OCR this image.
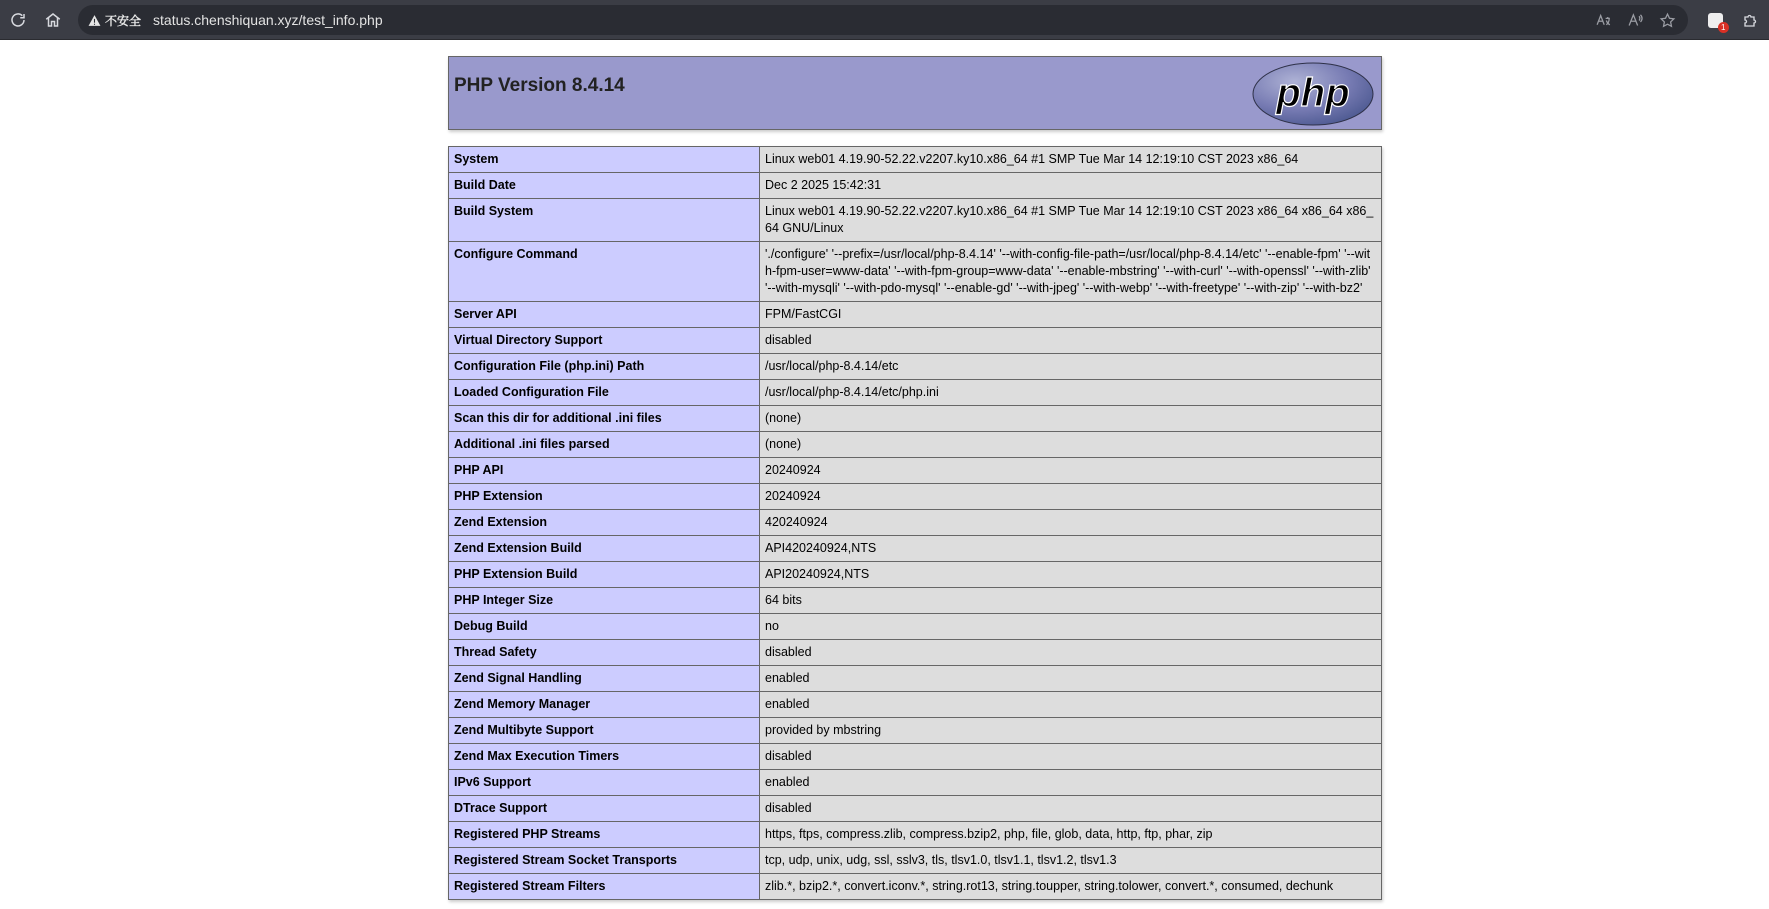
不安全 status.chenshiquan.xyz/test_info.php	1
PHP Version 8.4.14	php
System	Linux web01 4.19.90-52.22.v2207.ky10.x86_64 #1 SMP Tue Mar 14 12:19:10 CST 2023 x86_64
Build Date	Dec 2 2025 15:42:31
Build System	Linux web01 4.19.90-52.22.v2207.ky10.x86_64 #1 SMP Tue Mar 14 12:19:10 CST 2023 x86_64 x86_64 x86_64 GNU/Linux
Configure Command	'./configure' '--prefix=/usr/local/php-8.4.14' '--with-config-file-path=/usr/local/php-8.4.14/etc' '--enable-fpm' '--with-fpm-user=www-data' '--with-fpm-group=www-data' '--enable-mbstring' '--with-curl' '--with-openssl' '--with-zlib' '--with-mysqli' '--with-pdo-mysql' '--enable-gd' '--with-jpeg' '--with-webp' '--with-freetype' '--with-zip' '--with-bz2'
Server API	FPM/FastCGI
Virtual Directory Support	disabled
Configuration File (php.ini) Path	/usr/local/php-8.4.14/etc
Loaded Configuration File	/usr/local/php-8.4.14/etc/php.ini
Scan this dir for additional .ini files	(none)
Additional .ini files parsed	(none)
PHP API	20240924
PHP Extension	20240924
Zend Extension	420240924
Zend Extension Build	API420240924,NTS
PHP Extension Build	API20240924,NTS
PHP Integer Size	64 bits
Debug Build	no
Thread Safety	disabled
Zend Signal Handling	enabled
Zend Memory Manager	enabled
Zend Multibyte Support	provided by mbstring
Zend Max Execution Timers	disabled
IPv6 Support	enabled
DTrace Support	disabled
Registered PHP Streams	https, ftps, compress.zlib, compress.bzip2, php, file, glob, data, http, ftp, phar, zip
Registered Stream Socket Transports	tcp, udp, unix, udg, ssl, sslv3, tls, tlsv1.0, tlsv1.1, tlsv1.2, tlsv1.3
Registered Stream Filters	zlib.*, bzip2.*, convert.iconv.*, string.rot13, string.toupper, string.tolower, convert.*, consumed, dechunk
